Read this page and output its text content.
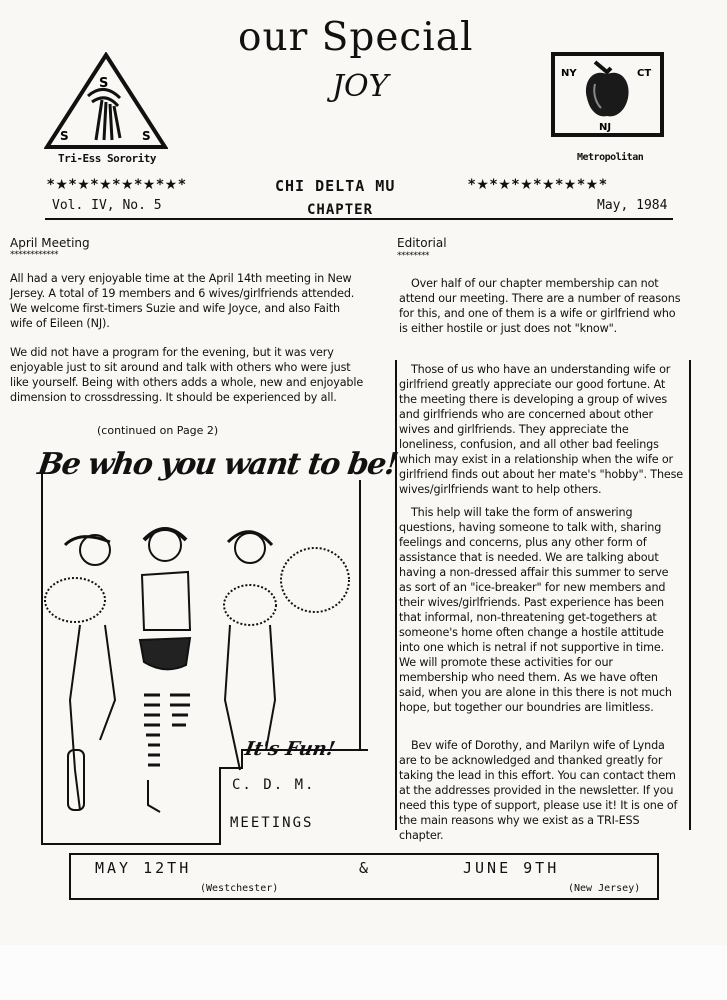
our Special
JOY
S
S	S
Tri-Ess Sorority
NY	CT
NJ
Metropolitan
*★*★*★*★*★*★*	CHI DELTA MU	*★*★*★*★*★*★*
Vol. IV, No. 5	CHAPTER	May, 1984
April Meeting
************

All had a very enjoyable time at the April 14th meeting in New Jersey. A total of 19 members and 6 wives/girlfriends attended. We welcome first-timers Suzie and wife Joyce, and also Faith wife of Eileen (NJ).

We did not have a program for the evening, but it was very enjoyable just to sit around and talk with others who were just like yourself. Being with others adds a whole, new and enjoyable dimension to crossdressing. It should be experienced by all.

(continued on Page 2)
Be who you want to be!
It's Fun!
C. D. M.
MEETINGS
Editorial
********

Over half of our chapter membership can not attend our meeting. There are a number of reasons for this, and one of them is a wife or girlfriend who is either hostile or just does not "know".

Those of us who have an understanding wife or girlfriend greatly appreciate our good fortune. At the meeting there is developing a group of wives and girlfriends who are concerned about other wives and girlfriends. They appreciate the loneliness, confusion, and all other bad feelings which may exist in a relationship when the wife or girlfriend finds out about her mate's "hobby". These wives/girlfriends want to help others.

This help will take the form of answering questions, having someone to talk with, sharing feelings and concerns, plus any other form of assistance that is needed. We are talking about having a non-dressed affair this summer to serve as sort of an "ice-breaker" for new members and their wives/girlfriends. Past experience has been that informal, non-threatening get-togethers at someone's home often change a hostile attitude into one which is netral if not supportive in time. We will promote these activities for our membership who need them. As we have often said, when you are alone in this there is not much hope, but together our boundries are limitless.

Bev wife of Dorothy, and Marilyn wife of Lynda are to be acknowledged and thanked greatly for taking the lead in this effort. You can contact them at the addresses provided in the newsletter. If you need this type of support, please use it! It is one of the main reasons why we exist as a TRI-ESS chapter.

MAY 12TH	&	JUNE 9TH
(Westchester)	(New Jersey)
